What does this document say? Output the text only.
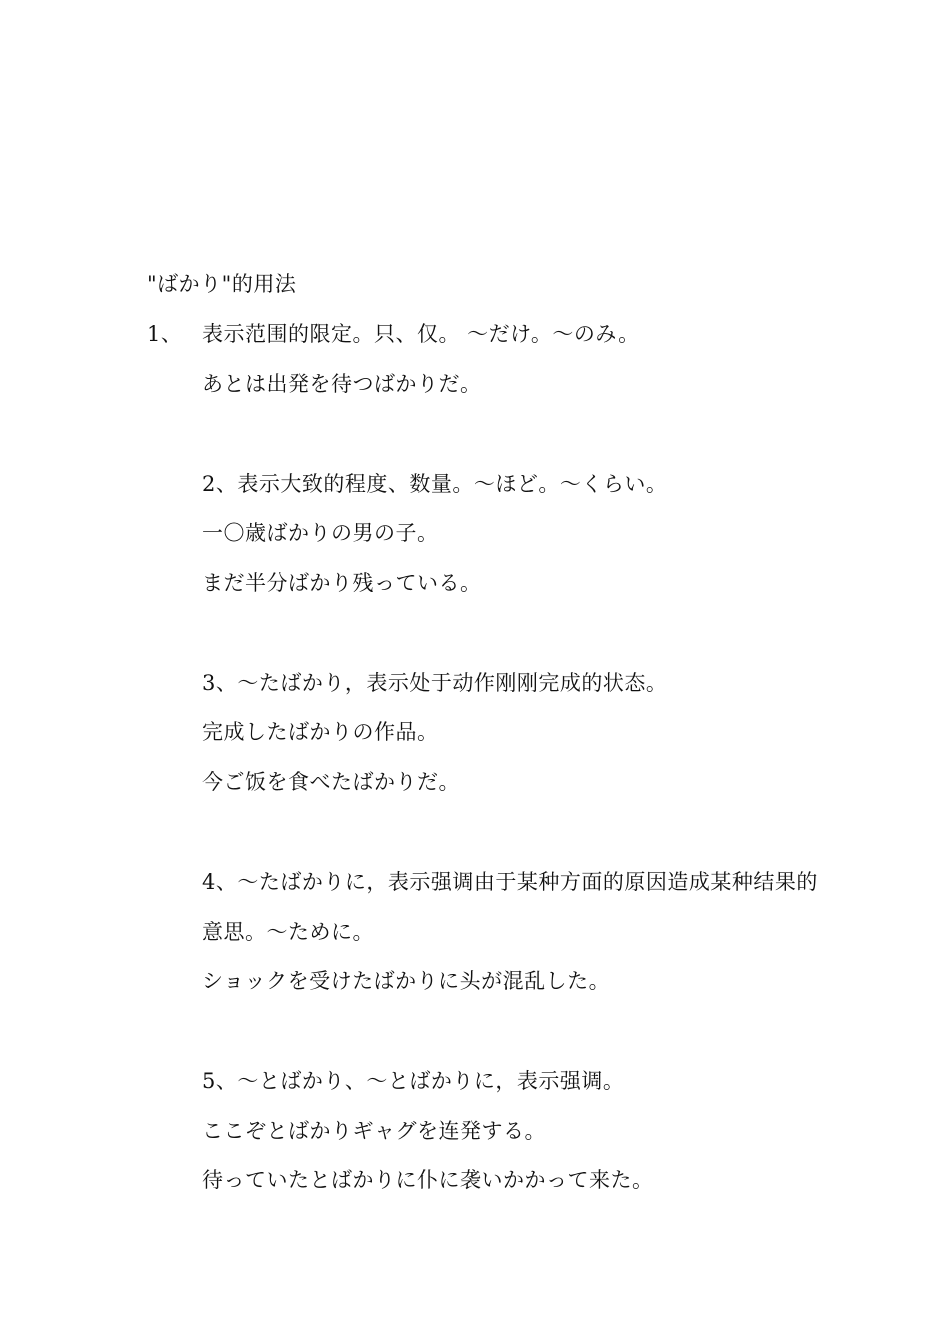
"ばかり"的用法
1、 表示范围的限定。只、仅。 ～だけ。～のみ。
あとは出発を待つばかりだ。
2、表示大致的程度、数量。～ほど。～くらい。
一〇歳ばかりの男の子。
まだ半分ばかり残っている。
3、～たばかり，表示处于动作刚刚完成的状态。
完成したばかりの作品。
今ご饭を食べたばかりだ。
4、～たばかりに，表示强调由于某种方面的原因造成某种结果的
意思。～ために。
ショックを受けたばかりに头が混乱した。
5、～とばかり、～とばかりに，表示强调。
ここぞとばかりギャグを连発する。
待っていたとばかりに仆に袭いかかって来た。
